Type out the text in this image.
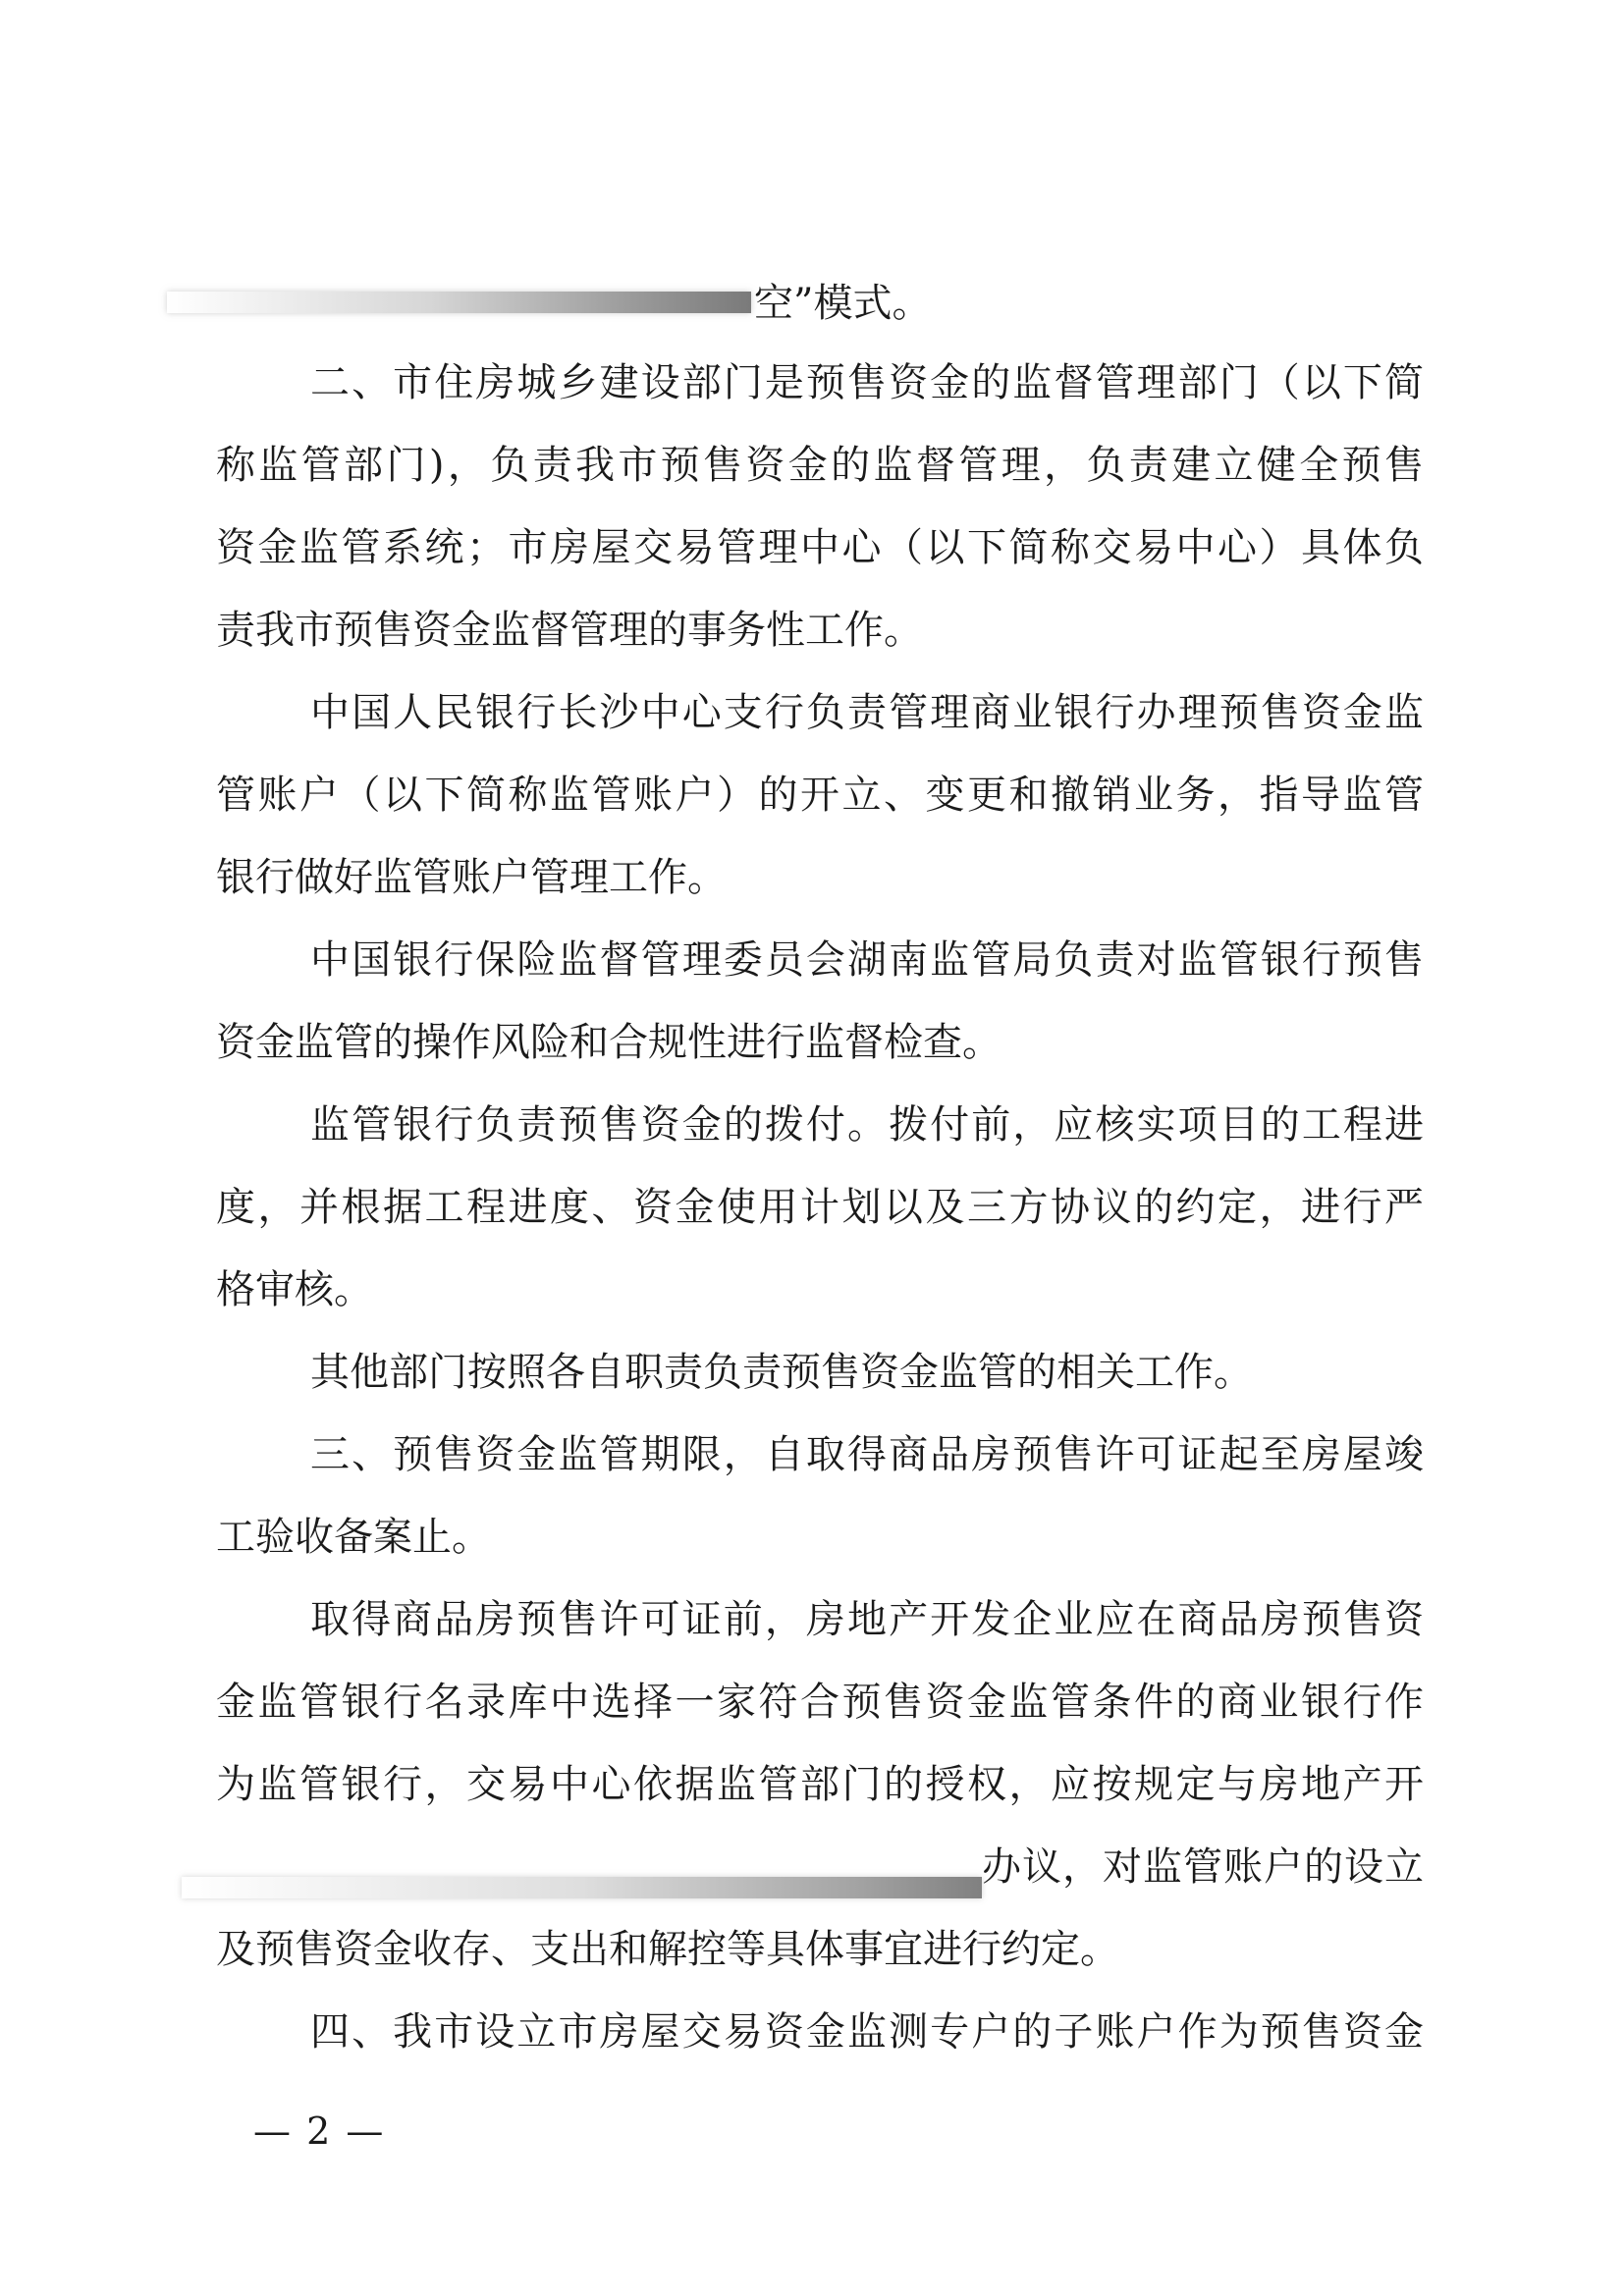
空”模式。
二、市住房城乡建设部门是预售资金的监督管理部门（以下简
称监管部门)，负责我市预售资金的监督管理，负责建立健全预售
资金监管系统；市房屋交易管理中心（以下简称交易中心）具体负
责我市预售资金监督管理的事务性工作。
中国人民银行长沙中心支行负责管理商业银行办理预售资金监
管账户（以下简称监管账户）的开立、变更和撤销业务，指导监管
银行做好监管账户管理工作。
中国银行保险监督管理委员会湖南监管局负责对监管银行预售
资金监管的操作风险和合规性进行监督检查。
监管银行负责预售资金的拨付。拨付前，应核实项目的工程进
度，并根据工程进度、资金使用计划以及三方协议的约定，进行严
格审核。
其他部门按照各自职责负责预售资金监管的相关工作。
三、预售资金监管期限，自取得商品房预售许可证起至房屋竣
工验收备案止。
取得商品房预售许可证前，房地产开发企业应在商品房预售资
金监管银行名录库中选择一家符合预售资金监管条件的商业银行作
为监管银行，交易中心依据监管部门的授权，应按规定与房地产开
办议，对监管账户的设立
及预售资金收存、支出和解控等具体事宜进行约定。
四、我市设立市房屋交易资金监测专户的子账户作为预售资金
— 2 —
